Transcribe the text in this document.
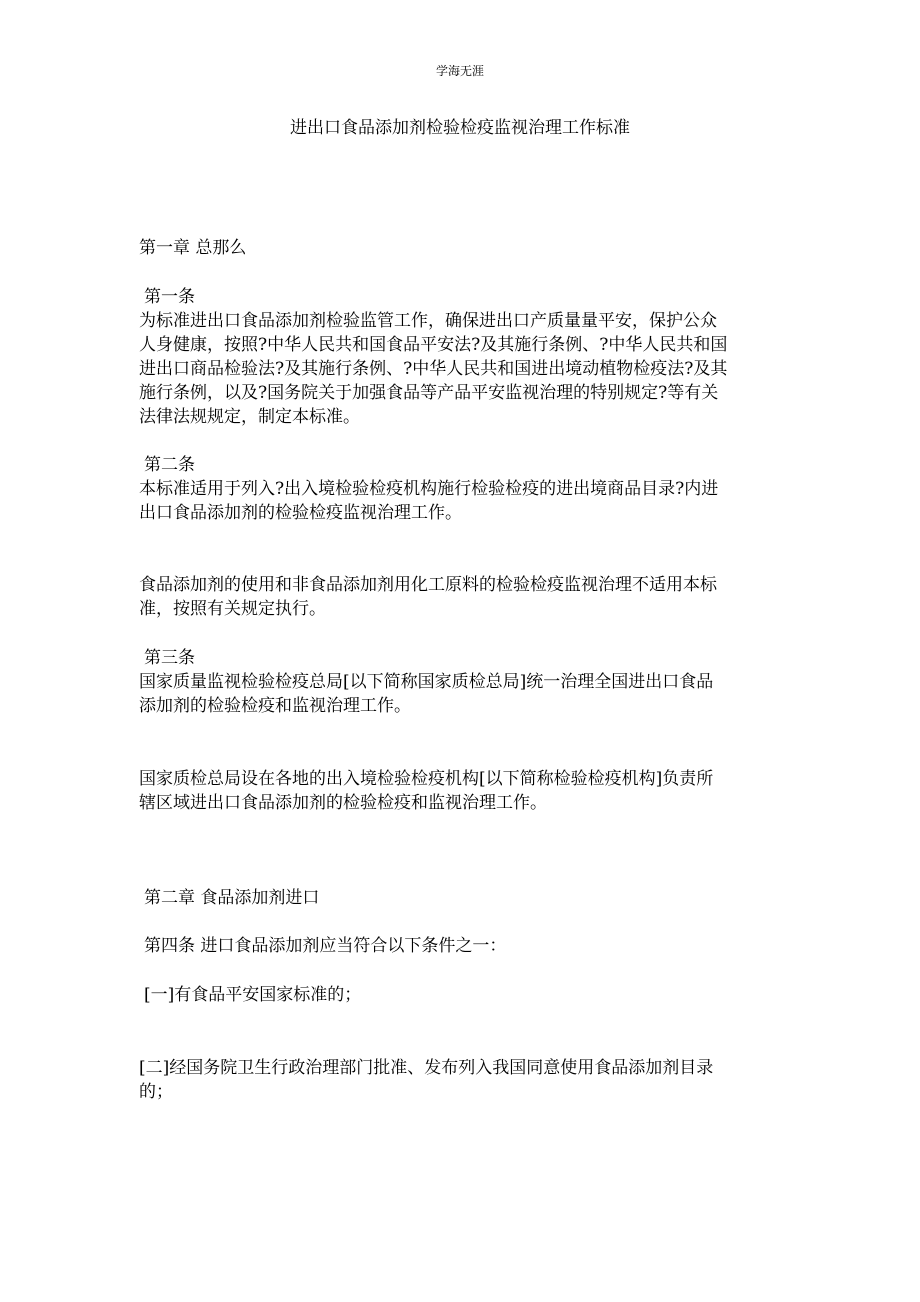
学海无涯
进出口食品添加剂检验检疫监视治理工作标准
第一章 总那么
第一条
为标准进出口食品添加剂检验监管工作，确保进出口产质量量平安，保护公众
人身健康，按照?中华人民共和国食品平安法?及其施行条例、?中华人民共和国
进出口商品检验法?及其施行条例、?中华人民共和国进出境动植物检疫法?及其
施行条例，以及?国务院关于加强食品等产品平安监视治理的特别规定?等有关
法律法规规定，制定本标准。
第二条
本标准适用于列入?出入境检验检疫机构施行检验检疫的进出境商品目录?内进
出口食品添加剂的检验检疫监视治理工作。
食品添加剂的使用和非食品添加剂用化工原料的检验检疫监视治理不适用本标
准，按照有关规定执行。
第三条
国家质量监视检验检疫总局[以下简称国家质检总局]统一治理全国进出口食品
添加剂的检验检疫和监视治理工作。
国家质检总局设在各地的出入境检验检疫机构[以下简称检验检疫机构]负责所
辖区域进出口食品添加剂的检验检疫和监视治理工作。
第二章 食品添加剂进口
第四条 进口食品添加剂应当符合以下条件之一：
[一]有食品平安国家标准的；
[二]经国务院卫生行政治理部门批准、发布列入我国同意使用食品添加剂目录
的；
